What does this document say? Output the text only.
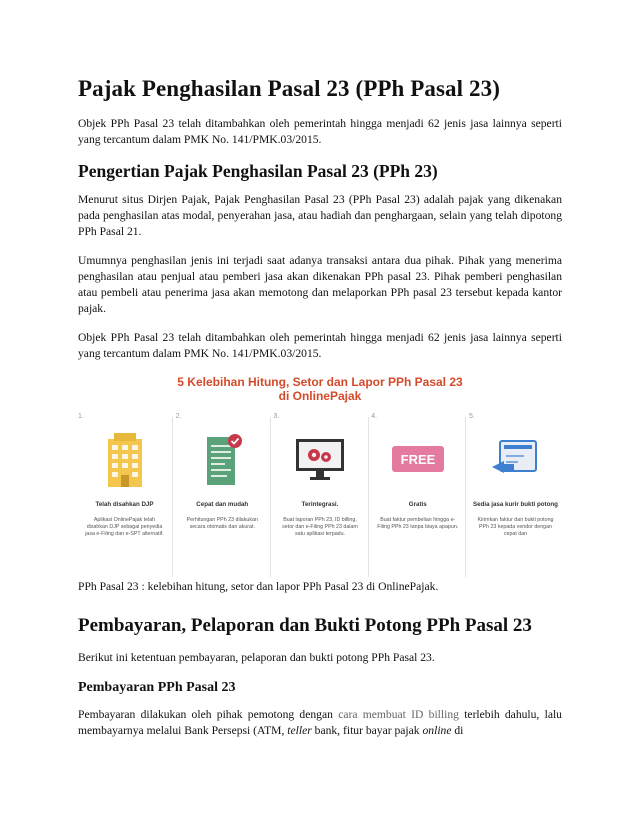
Pajak Penghasilan Pasal 23 (PPh Pasal 23)

Objek PPh Pasal 23 telah ditambahkan oleh pemerintah hingga menjadi 62 jenis jasa lainnya seperti yang tercantum dalam PMK No. 141/PMK.03/2015.

Pengertian Pajak Penghasilan Pasal 23 (PPh 23)

Menurut situs Dirjen Pajak, Pajak Penghasilan Pasal 23 (PPh Pasal 23) adalah pajak yang dikenakan pada penghasilan atas modal, penyerahan jasa, atau hadiah dan penghargaan, selain yang telah dipotong PPh Pasal 21.

Umumnya penghasilan jenis ini terjadi saat adanya transaksi antara dua pihak. Pihak yang menerima penghasilan atau penjual atau pemberi jasa akan dikenakan PPh pasal 23. Pihak pemberi penghasilan atau pembeli atau penerima jasa akan memotong dan melaporkan PPh pasal 23 tersebut kepada kantor pajak.

Objek PPh Pasal 23 telah ditambahkan oleh pemerintah hingga menjadi 62 jenis jasa lainnya seperti yang tercantum dalam PMK No. 141/PMK.03/2015.

5 Kelebihan Hitung, Setor dan Lapor PPh Pasal 23
di OnlinePajak
1.
Telah disahkan DJP
Aplikasi OnlinePajak telah disahkan DJP sebagai penyedia jasa e-Filing dan e-SPT alternatif.
2.
Cepat dan mudah
Perhitungan PPh 23 dilakukan secara otomatis dan akurat.
3.
Terintegrasi.
Buat laporan PPh 23, ID billing, setor dan e-Filing PPh 23 dalam satu aplikasi terpadu.
4.
FREE
Gratis
Buat faktur pembelian hingga e-Filing PPh 23 tanpa biaya apapun.
5.
Sedia jasa kurir bukti potong
Kirimkan faktur dan bukti potong PPh 23 kepada vendor dengan cepat dan

PPh Pasal 23 : kelebihan hitung, setor dan lapor PPh Pasal 23 di OnlinePajak.

Pembayaran, Pelaporan dan Bukti Potong PPh Pasal 23

Berikut ini ketentuan pembayaran, pelaporan dan bukti potong PPh Pasal 23.

Pembayaran PPh Pasal 23

Pembayaran dilakukan oleh pihak pemotong dengan cara membuat ID billing terlebih dahulu, lalu membayarnya melalui Bank Persepsi (ATM, teller bank, fitur bayar pajak online di
